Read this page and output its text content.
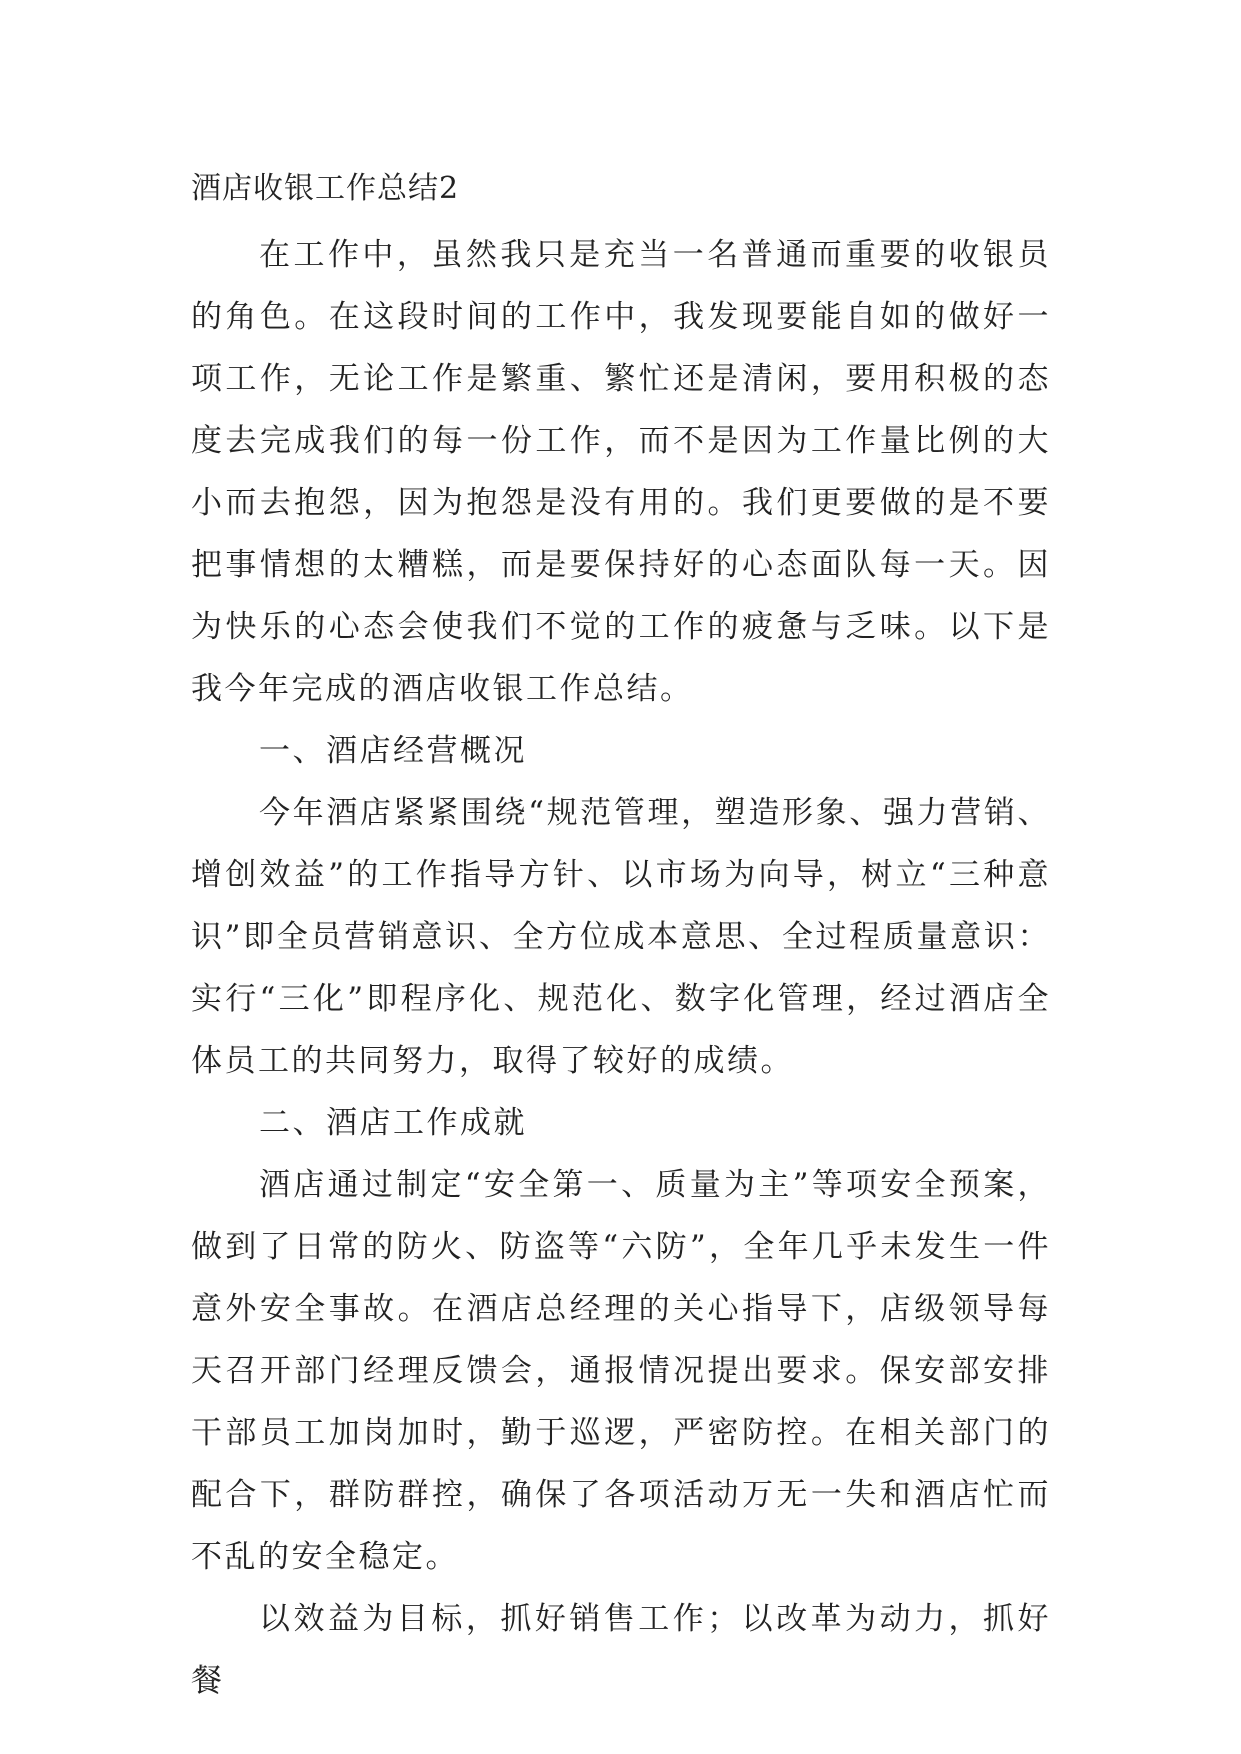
酒店收银工作总结2

在工作中，虽然我只是充当一名普通而重要的收银员的角色。在这段时间的工作中，我发现要能自如的做好一项工作，无论工作是繁重、繁忙还是清闲，要用积极的态度去完成我们的每一份工作，而不是因为工作量比例的大小而去抱怨，因为抱怨是没有用的。我们更要做的是不要把事情想的太糟糕，而是要保持好的心态面队每一天。因为快乐的心态会使我们不觉的工作的疲惫与乏味。以下是我今年完成的酒店收银工作总结。

一、酒店经营概况

今年酒店紧紧围绕“规范管理，塑造形象、强力营销、增创效益”的工作指导方针、以市场为向导，树立“三种意识”即全员营销意识、全方位成本意思、全过程质量意识：实行“三化”即程序化、规范化、数字化管理，经过酒店全体员工的共同努力，取得了较好的成绩。

二、酒店工作成就

酒店通过制定“安全第一、质量为主”等项安全预案，做到了日常的防火、防盗等“六防”，全年几乎未发生一件意外安全事故。在酒店总经理的关心指导下，店级领导每天召开部门经理反馈会，通报情况提出要求。保安部安排干部员工加岗加时，勤于巡逻，严密防控。在相关部门的配合下，群防群控，确保了各项活动万无一失和酒店忙而不乱的安全稳定。

以效益为目标，抓好销售工作；以改革为动力，抓好餐
